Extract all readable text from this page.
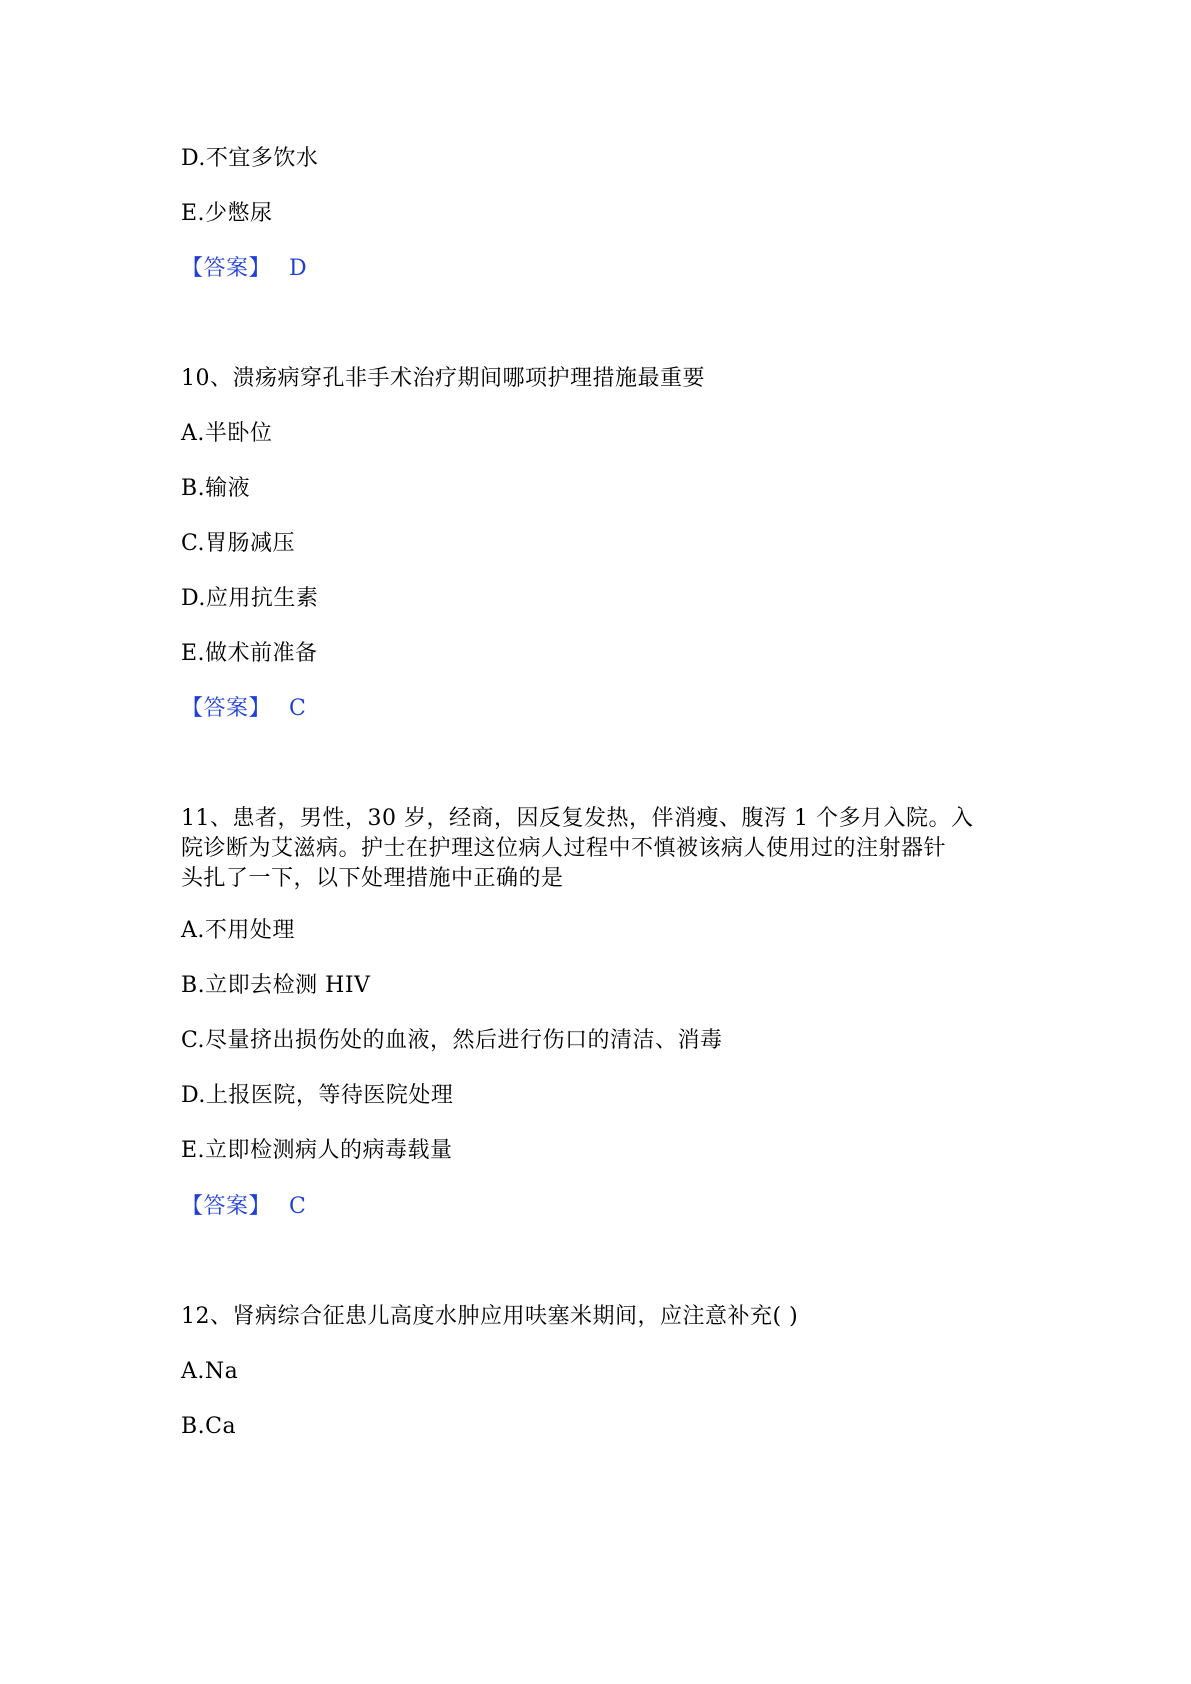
D.不宜多饮水
E.少憋尿
【答案】 D
10、溃疡病穿孔非手术治疗期间哪项护理措施最重要
A.半卧位
B.输液
C.胃肠减压
D.应用抗生素
E.做术前准备
【答案】 C
11、患者，男性，30 岁，经商，因反复发热，伴消瘦、腹泻 1 个多月入院。入
院诊断为艾滋病。护士在护理这位病人过程中不慎被该病人使用过的注射器针
头扎了一下，以下处理措施中正确的是
A.不用处理
B.立即去检测 HIV
C.尽量挤出损伤处的血液，然后进行伤口的清洁、消毒
D.上报医院，等待医院处理
E.立即检测病人的病毒载量
【答案】 C
12、肾病综合征患儿高度水肿应用呋塞米期间，应注意补充( )
A.Na
B.Ca
